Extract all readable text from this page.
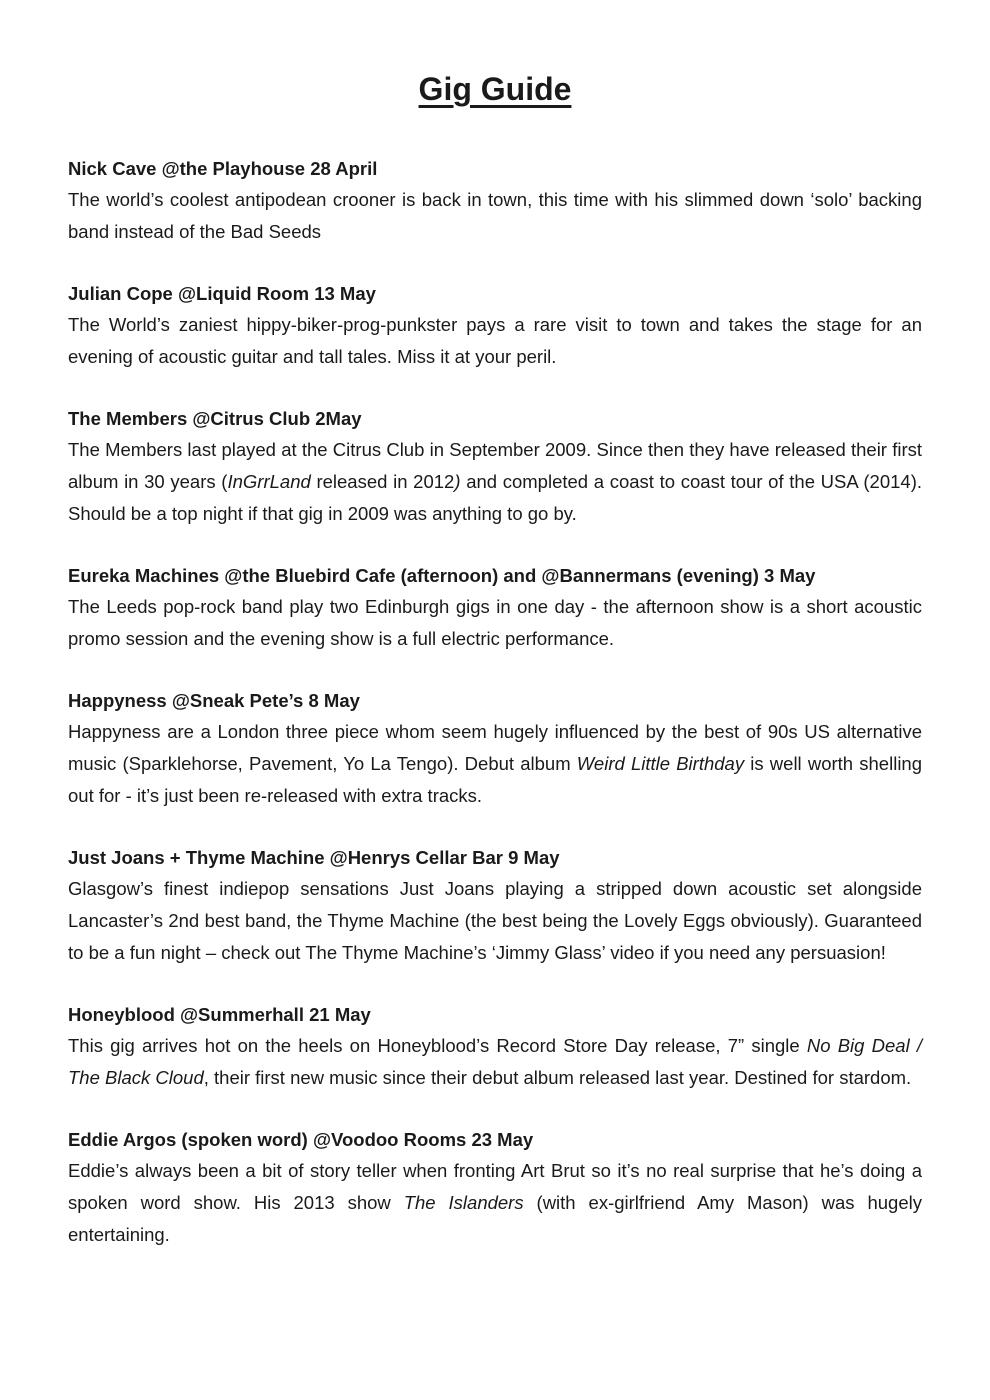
Gig Guide

Nick Cave @the Playhouse 28 April

The world’s coolest antipodean crooner is back in town, this time with his slimmed down ‘solo’ backing band instead of the Bad Seeds

Julian Cope @Liquid Room 13 May

The World’s zaniest hippy-biker-prog-punkster pays a rare visit to town and takes the stage for an evening of acoustic guitar and tall tales. Miss it at your peril.

The Members @Citrus Club 2May

The Members last played at the Citrus Club in September 2009. Since then they have released their first album in 30 years (InGrrLand released in 2012) and completed a coast to coast tour of the USA (2014). Should be a top night if that gig in 2009 was anything to go by.

Eureka Machines @the Bluebird Cafe (afternoon) and @Bannermans (evening) 3 May

The Leeds pop-rock band play two Edinburgh gigs in one day - the afternoon show is a short acoustic promo session and the evening show is a full electric performance.

Happyness @Sneak Pete’s 8 May

Happyness are a London three piece whom seem hugely influenced by the best of 90s US alternative music (Sparklehorse, Pavement, Yo La Tengo). Debut album Weird Little Birthday is well worth shelling out for - it’s just been re-released with extra tracks.

Just Joans + Thyme Machine @Henrys Cellar Bar 9 May

Glasgow’s finest indiepop sensations Just Joans playing a stripped down acoustic set alongside Lancaster’s 2nd best band, the Thyme Machine (the best being the Lovely Eggs obviously). Guaranteed to be a fun night – check out The Thyme Machine’s ‘Jimmy Glass’ video if you need any persuasion!

Honeyblood @Summerhall 21 May

This gig arrives hot on the heels on Honeyblood’s Record Store Day release, 7” single No Big Deal / The Black Cloud, their first new music since their debut album released last year. Destined for stardom.

Eddie Argos (spoken word) @Voodoo Rooms 23 May

Eddie’s always been a bit of story teller when fronting Art Brut so it’s no real surprise that he’s doing a spoken word show. His 2013 show The Islanders (with ex-girlfriend Amy Mason) was hugely entertaining.
